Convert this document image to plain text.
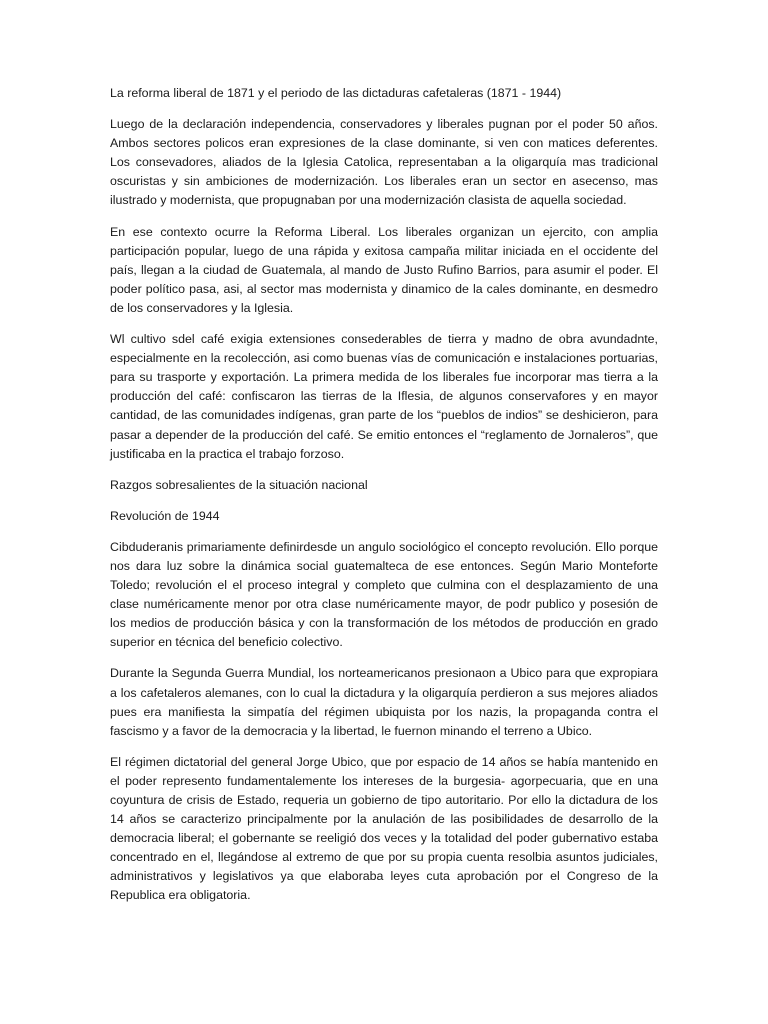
La reforma liberal de 1871 y el periodo de las dictaduras cafetaleras (1871 - 1944)

Luego de la declaración independencia, conservadores y liberales pugnan por el poder 50 años. Ambos sectores policos eran expresiones de la clase dominante, si ven con matices deferentes. Los consevadores, aliados de la Iglesia Catolica, representaban a la oligarquía mas tradicional oscuristas y sin ambiciones de modernización. Los liberales eran un sector en asecenso, mas ilustrado y modernista, que propugnaban por una modernización clasista de aquella sociedad.

En ese contexto ocurre la Reforma Liberal. Los liberales organizan un ejercito, con amplia participación popular, luego de una rápida y exitosa campaña militar iniciada en el occidente del país, llegan a la ciudad de Guatemala, al mando de Justo Rufino Barrios, para asumir el poder. El poder político pasa, asi, al sector mas modernista y dinamico de la cales dominante, en desmedro de los conservadores y la Iglesia.

Wl cultivo sdel café exigia extensiones consederables de tierra y madno de obra avundadnte, especialmente en la recolección, asi como buenas vías de comunicación e instalaciones portuarias, para su trasporte y exportación. La primera medida de los liberales fue incorporar mas tierra a la producción del café: confiscaron las tierras de la Iflesia, de algunos conservafores y en mayor cantidad, de las comunidades indígenas, gran parte de los “pueblos de indios” se deshicieron, para pasar a depender de la producción del café. Se emitio entonces el “reglamento de Jornaleros”, que justificaba en la practica el trabajo forzoso.

Razgos sobresalientes de la situación nacional

Revolución de 1944

Cibduderanis primariamente definirdesde un angulo sociológico el concepto revolución. Ello porque nos dara luz sobre la dinámica social guatemalteca de ese entonces. Según Mario Monteforte Toledo; revolución el el proceso integral y completo que culmina con el desplazamiento de una clase numéricamente menor por otra clase numéricamente mayor, de podr publico y posesión de los medios de producción básica y con la transformación de los métodos de producción en grado superior en técnica del beneficio colectivo.

Durante la Segunda Guerra Mundial, los norteamericanos presionaon a Ubico para que expropiara a los cafetaleros alemanes, con lo cual la dictadura y la oligarquía perdieron a sus mejores aliados pues era manifiesta la simpatía del régimen ubiquista por los nazis, la propaganda contra el fascismo y a favor de la democracia y la libertad, le fuernon minando el terreno a Ubico.

El régimen dictatorial del general Jorge Ubico, que por espacio de 14 años se había mantenido en el poder represento fundamentalemente los intereses de la burgesia- agorpecuaria, que en una coyuntura de crisis de Estado, requeria un gobierno de tipo autoritario. Por ello la dictadura de los 14 años se caracterizo principalmente por la anulación de las posibilidades de desarrollo de la democracia liberal; el gobernante se reeligió dos veces y la totalidad del poder gubernativo estaba concentrado en el, llegándose al extremo de que por su propia cuenta resolbia asuntos judiciales, administrativos y legislativos ya que elaboraba leyes cuta aprobación por el Congreso de la Republica era obligatoria.
